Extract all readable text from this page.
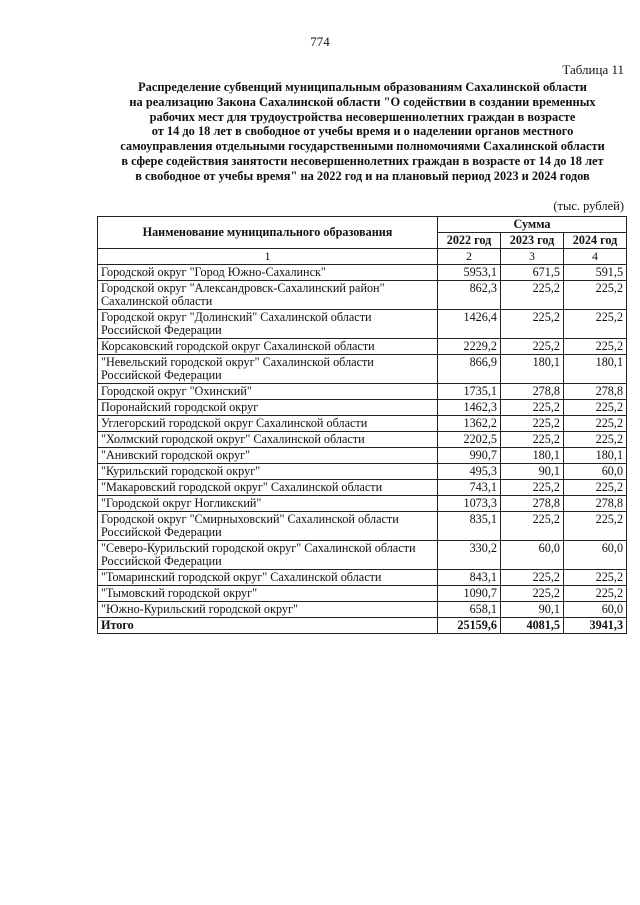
774
Таблица 11
Распределение субвенций муниципальным образованиям Сахалинской области
на реализацию Закона Сахалинской области "О содействии в создании временных
рабочих мест для трудоустройства несовершеннолетних граждан в возрасте
от 14 до 18 лет в свободное от учебы время и о наделении органов местного
самоуправления отдельными государственными полномочиями Сахалинской области
в сфере содействия занятости несовершеннолетних граждан в возрасте от 14 до 18 лет
в свободное от учебы время" на 2022 год и на плановый период 2023 и 2024 годов
(тыс. рублей)
Наименование муниципального образования	Сумма		
	2022 год	2023 год	2024 год
1	2	3	4
Городской округ "Город Южно-Сахалинск"	5953,1	671,5	591,5
Городской округ "Александровск-Сахалинский район" Сахалинской области	862,3	225,2	225,2
Городской округ "Долинский" Сахалинской области Российской Федерации	1426,4	225,2	225,2
Корсаковский городской округ Сахалинской области	2229,2	225,2	225,2
"Невельский городской округ" Сахалинской области Российской Федерации	866,9	180,1	180,1
Городской округ "Охинский"	1735,1	278,8	278,8
Поронайский городской округ	1462,3	225,2	225,2
Углегорский городской округ Сахалинской области	1362,2	225,2	225,2
"Холмский городской округ" Сахалинской области	2202,5	225,2	225,2
"Анивский городской округ"	990,7	180,1	180,1
"Курильский городской округ"	495,3	90,1	60,0
"Макаровский городской округ" Сахалинской области	743,1	225,2	225,2
"Городской округ Ногликский"	1073,3	278,8	278,8
Городской округ "Смирныховский" Сахалинской области Российской Федерации	835,1	225,2	225,2
"Северо-Курильский городской округ" Сахалинской области Российской Федерации	330,2	60,0	60,0
"Томаринский городской округ" Сахалинской области	843,1	225,2	225,2
"Тымовский городской округ"	1090,7	225,2	225,2
"Южно-Курильский городской округ"	658,1	90,1	60,0
Итого	25159,6	4081,5	3941,3
